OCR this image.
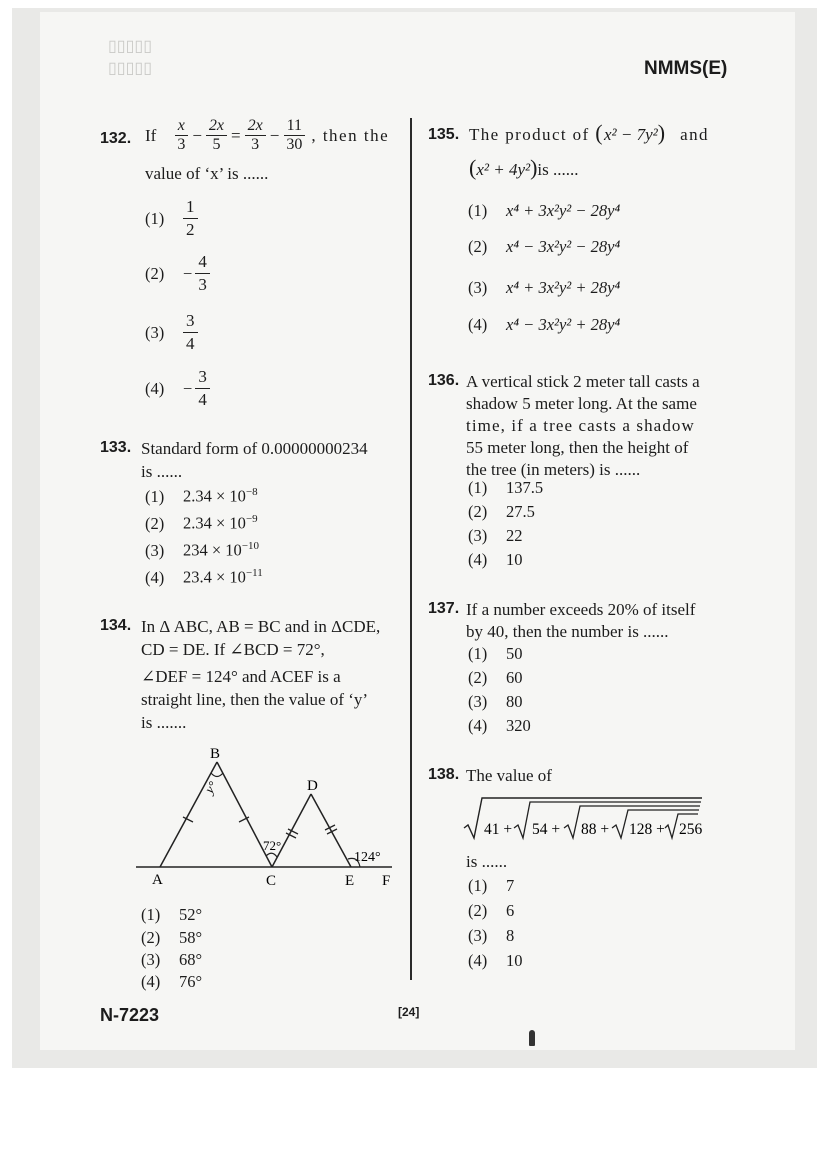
▯▯▯▯▯
▯▯▯▯▯	NMMS(E)
132. If $\frac{x}{3} - \frac{2x}{5} = \frac{2x}{3} - \frac{11}{30}$ , then the
value of ‘x’ is ......
(1)	$\frac{1}{2}$
(2)	− $\frac{4}{3}$
(3)	$\frac{3}{4}$
(4)	− $\frac{3}{4}$
133. Standard form of 0.00000000234
is ......
(1) $2.34 \times 10^{-8}$
(2) $2.34 \times 10^{-9}$
(3) $234 \times 10^{-10}$
(4) $23.4 \times 10^{-11}$
134. In Δ ABC, AB = BC and in ΔCDE,
CD = DE. If ∠BCD = 72°,
∠DEF = 124° and ACEF is a
straight line, then the value of ‘y’
is .......
B
D
A	C	E F
y°
72°
124°
(1) 52°
(2) 58°
(3) 68°
(4) 76°
135. The product of (x² − 7y²) and
(x² + 4y²)is ......
(1) x⁴ + 3x²y² − 28y⁴
(2) x⁴ − 3x²y² − 28y⁴
(3) x⁴ + 3x²y² + 28y⁴
(4) x⁴ − 3x²y² + 28y⁴
136. A vertical stick 2 meter tall casts a
shadow 5 meter long. At the same
time, if a tree casts a shadow
55 meter long, then the height of
the tree (in meters) is ......
(1) 137.5
(2) 27.5
(3) 22
(4) 10
137. If a number exceeds 20% of itself
by 40, then the number is ......
(1) 50
(2) 60
(3) 80
(4) 320
138. The value of
41 + 54 + 88 + 128 + 256
is ......
(1) 7
(2) 6
(3) 8
(4) 10
N-7223	[24]
